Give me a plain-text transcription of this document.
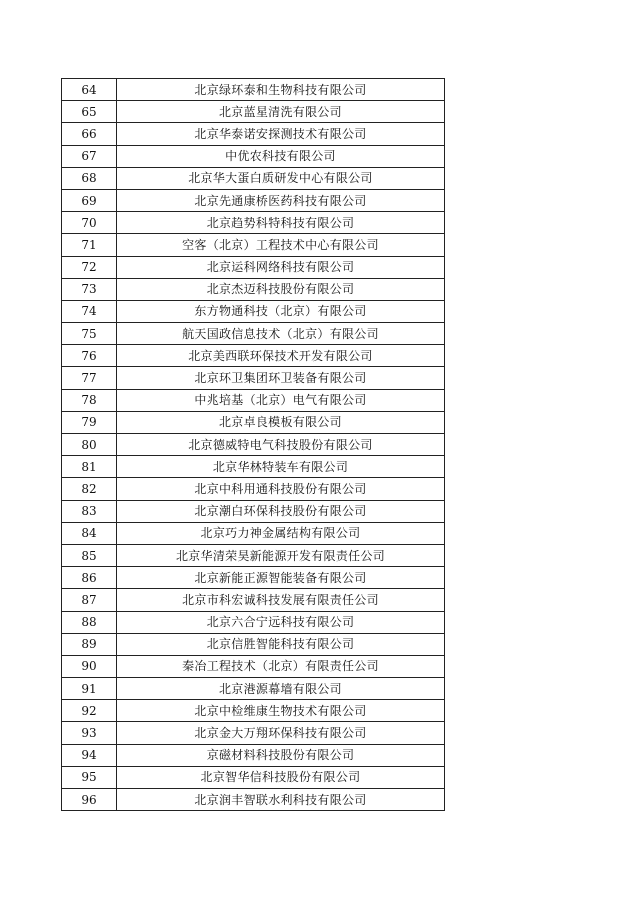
64	北京绿环泰和生物科技有限公司
65	北京蓝星清洗有限公司
66	北京华泰诺安探测技术有限公司
67	中优农科技有限公司
68	北京华大蛋白质研发中心有限公司
69	北京先通康桥医药科技有限公司
70	北京趋势科特科技有限公司
71	空客（北京）工程技术中心有限公司
72	北京运科网络科技有限公司
73	北京杰迈科技股份有限公司
74	东方物通科技（北京）有限公司
75	航天国政信息技术（北京）有限公司
76	北京美西联环保技术开发有限公司
77	北京环卫集团环卫装备有限公司
78	中兆培基（北京）电气有限公司
79	北京卓良模板有限公司
80	北京德威特电气科技股份有限公司
81	北京华林特装车有限公司
82	北京中科用通科技股份有限公司
83	北京潮白环保科技股份有限公司
84	北京巧力神金属结构有限公司
85	北京华清荣昊新能源开发有限责任公司
86	北京新能正源智能装备有限公司
87	北京市科宏诚科技发展有限责任公司
88	北京六合宁远科技有限公司
89	北京信胜智能科技有限公司
90	秦冶工程技术（北京）有限责任公司
91	北京港源幕墙有限公司
92	北京中检维康生物技术有限公司
93	北京金大万翔环保科技有限公司
94	京磁材料科技股份有限公司
95	北京智华信科技股份有限公司
96	北京润丰智联水利科技有限公司
